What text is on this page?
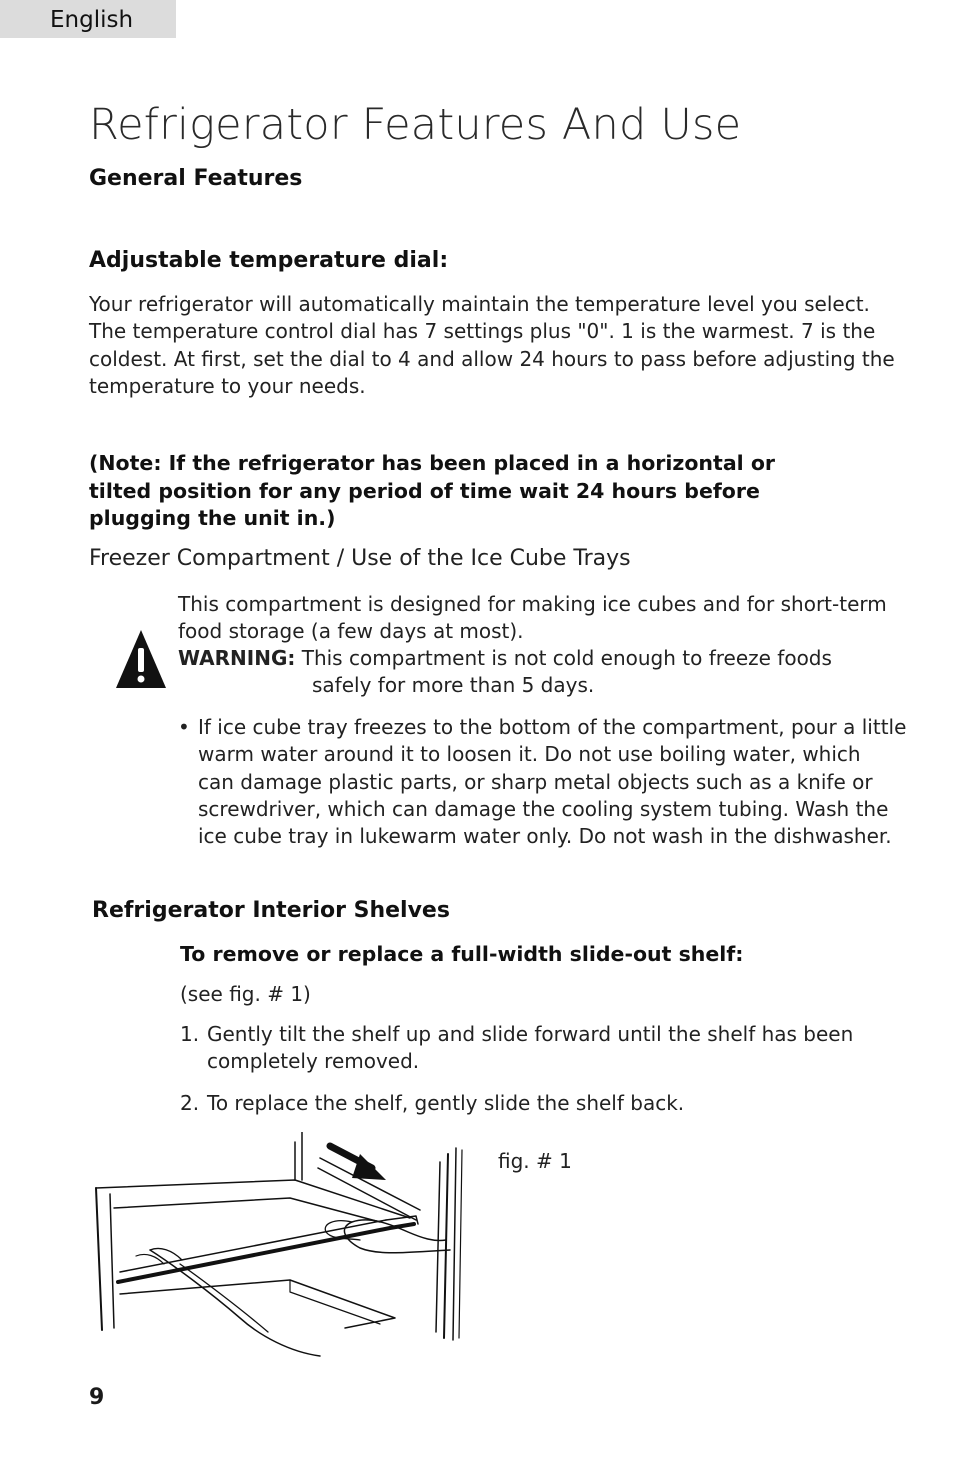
English
Refrigerator Features And Use
General Features
Adjustable temperature dial:
Your refrigerator will automatically maintain the temperature level you select.
The temperature control dial has 7 settings plus "0". 1 is the warmest. 7 is the
coldest. At first, set the dial to 4 and allow 24 hours to pass before adjusting the
temperature to your needs.
(Note: If the refrigerator has been placed in a horizontal or
tilted position for any period of time wait 24 hours before
plugging the unit in.)
Freezer Compartment / Use of the Ice Cube Trays
This compartment is designed for making ice cubes and for short-term
food storage (a few days at most).
WARNING: This compartment is not cold enough to freeze foods
safely for more than 5 days.
• If ice cube tray freezes to the bottom of the compartment, pour a little
warm water around it to loosen it. Do not use boiling water, which
can damage plastic parts, or sharp metal objects such as a knife or
screwdriver, which can damage the cooling system tubing. Wash the
ice cube tray in lukewarm water only. Do not wash in the dishwasher.
Refrigerator Interior Shelves
To remove or replace a full-width slide-out shelf:
(see fig. # 1)
1. Gently tilt the shelf up and slide forward until the shelf has been
completely removed.
2. To replace the shelf, gently slide the shelf back.
fig. # 1
9
